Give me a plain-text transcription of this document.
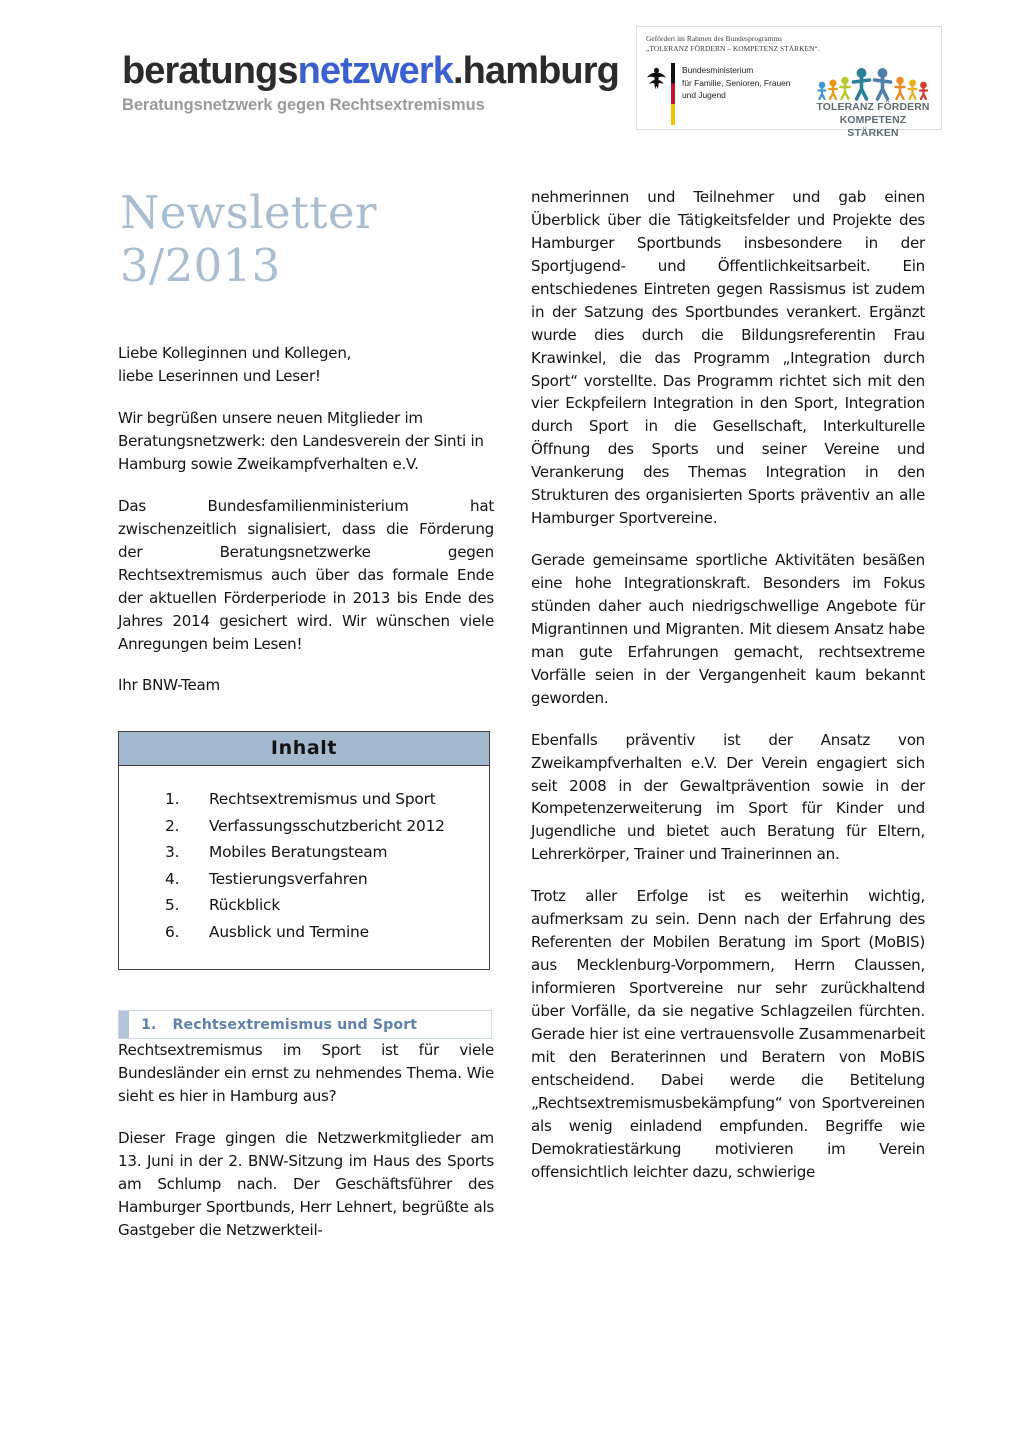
beratungsnetzwerk.hamburg
Beratungsnetzwerk gegen Rechtsextremismus
Gefördert im Rahmen des Bundesprogramms
„TOLERANZ FÖRDERN – KOMPETENZ STÄRKEN“.
Bundesministerium
für Familie, Senioren, Frauen
und Jugend
TOLERANZ FÖRDERN
KOMPETENZ STÄRKEN
Newsletter
3/2013

Liebe Kolleginnen und Kollegen,
liebe Leserinnen und Leser!

Wir begrüßen unsere neuen Mitglieder im Beratungsnetzwerk: den Landesverein der Sinti in Hamburg sowie Zweikampfverhalten e.V.

Das Bundesfamilienministerium hat zwischenzeitlich signalisiert, dass die Förderung der Beratungsnetzwerke gegen Rechtsextremismus auch über das formale Ende der aktuellen Förderperiode in 2013 bis Ende des Jahres 2014 gesichert wird. Wir wünschen viele Anregungen beim Lesen!

Ihr BNW-Team

Inhalt
Rechtsextremismus und Sport
Verfassungsschutzbericht 2012
Mobiles Beratungsteam
Testierungsverfahren
Rückblick
Ausblick und Termine
1. Rechtsextremismus und Sport

Rechtsextremismus im Sport ist für viele Bundesländer ein ernst zu nehmendes Thema. Wie sieht es hier in Hamburg aus?

Dieser Frage gingen die Netzwerkmitglieder am 13. Juni in der 2. BNW-Sitzung im Haus des Sports am Schlump nach. Der Geschäftsführer des Hamburger Sportbunds, Herr Lehnert, begrüßte als Gastgeber die Netzwerkteil-

nehmerinnen und Teilnehmer und gab einen Überblick über die Tätigkeitsfelder und Projekte des Hamburger Sportbunds insbesondere in der Sportjugend- und Öffentlichkeitsarbeit. Ein entschiedenes Eintreten gegen Rassismus ist zudem in der Satzung des Sportbundes verankert. Ergänzt wurde dies durch die Bildungsreferentin Frau Krawinkel, die das Programm „Integration durch Sport“ vorstellte. Das Programm richtet sich mit den vier Eckpfeilern Integration in den Sport, Integration durch Sport in die Gesellschaft, Interkulturelle Öffnung des Sports und seiner Vereine und Verankerung des Themas Integration in den Strukturen des organisierten Sports präventiv an alle Hamburger Sportvereine.

Gerade gemeinsame sportliche Aktivitäten besäßen eine hohe Integrationskraft. Besonders im Fokus stünden daher auch niedrigschwellige Angebote für Migrantinnen und Migranten. Mit diesem Ansatz habe man gute Erfahrungen gemacht, rechtsextreme Vorfälle seien in der Vergangenheit kaum bekannt geworden.

Ebenfalls präventiv ist der Ansatz von Zweikampfverhalten e.V. Der Verein engagiert sich seit 2008 in der Gewaltprävention sowie in der Kompetenzerweiterung im Sport für Kinder und Jugendliche und bietet auch Beratung für Eltern, Lehrerkörper, Trainer und Trainerinnen an.

Trotz aller Erfolge ist es weiterhin wichtig, aufmerksam zu sein. Denn nach der Erfahrung des Referenten der Mobilen Beratung im Sport (MoBIS) aus Mecklenburg-Vorpommern, Herrn Claussen, informieren Sportvereine nur sehr zurückhaltend über Vorfälle, da sie negative Schlagzeilen fürchten. Gerade hier ist eine vertrauensvolle Zusammenarbeit mit den Beraterinnen und Beratern von MoBIS entscheidend. Dabei werde die Betitelung „Rechtsextremismusbekämpfung“ von Sportvereinen als wenig einladend empfunden. Begriffe wie Demokratiestärkung motivieren im Verein offensichtlich leichter dazu, schwierige
